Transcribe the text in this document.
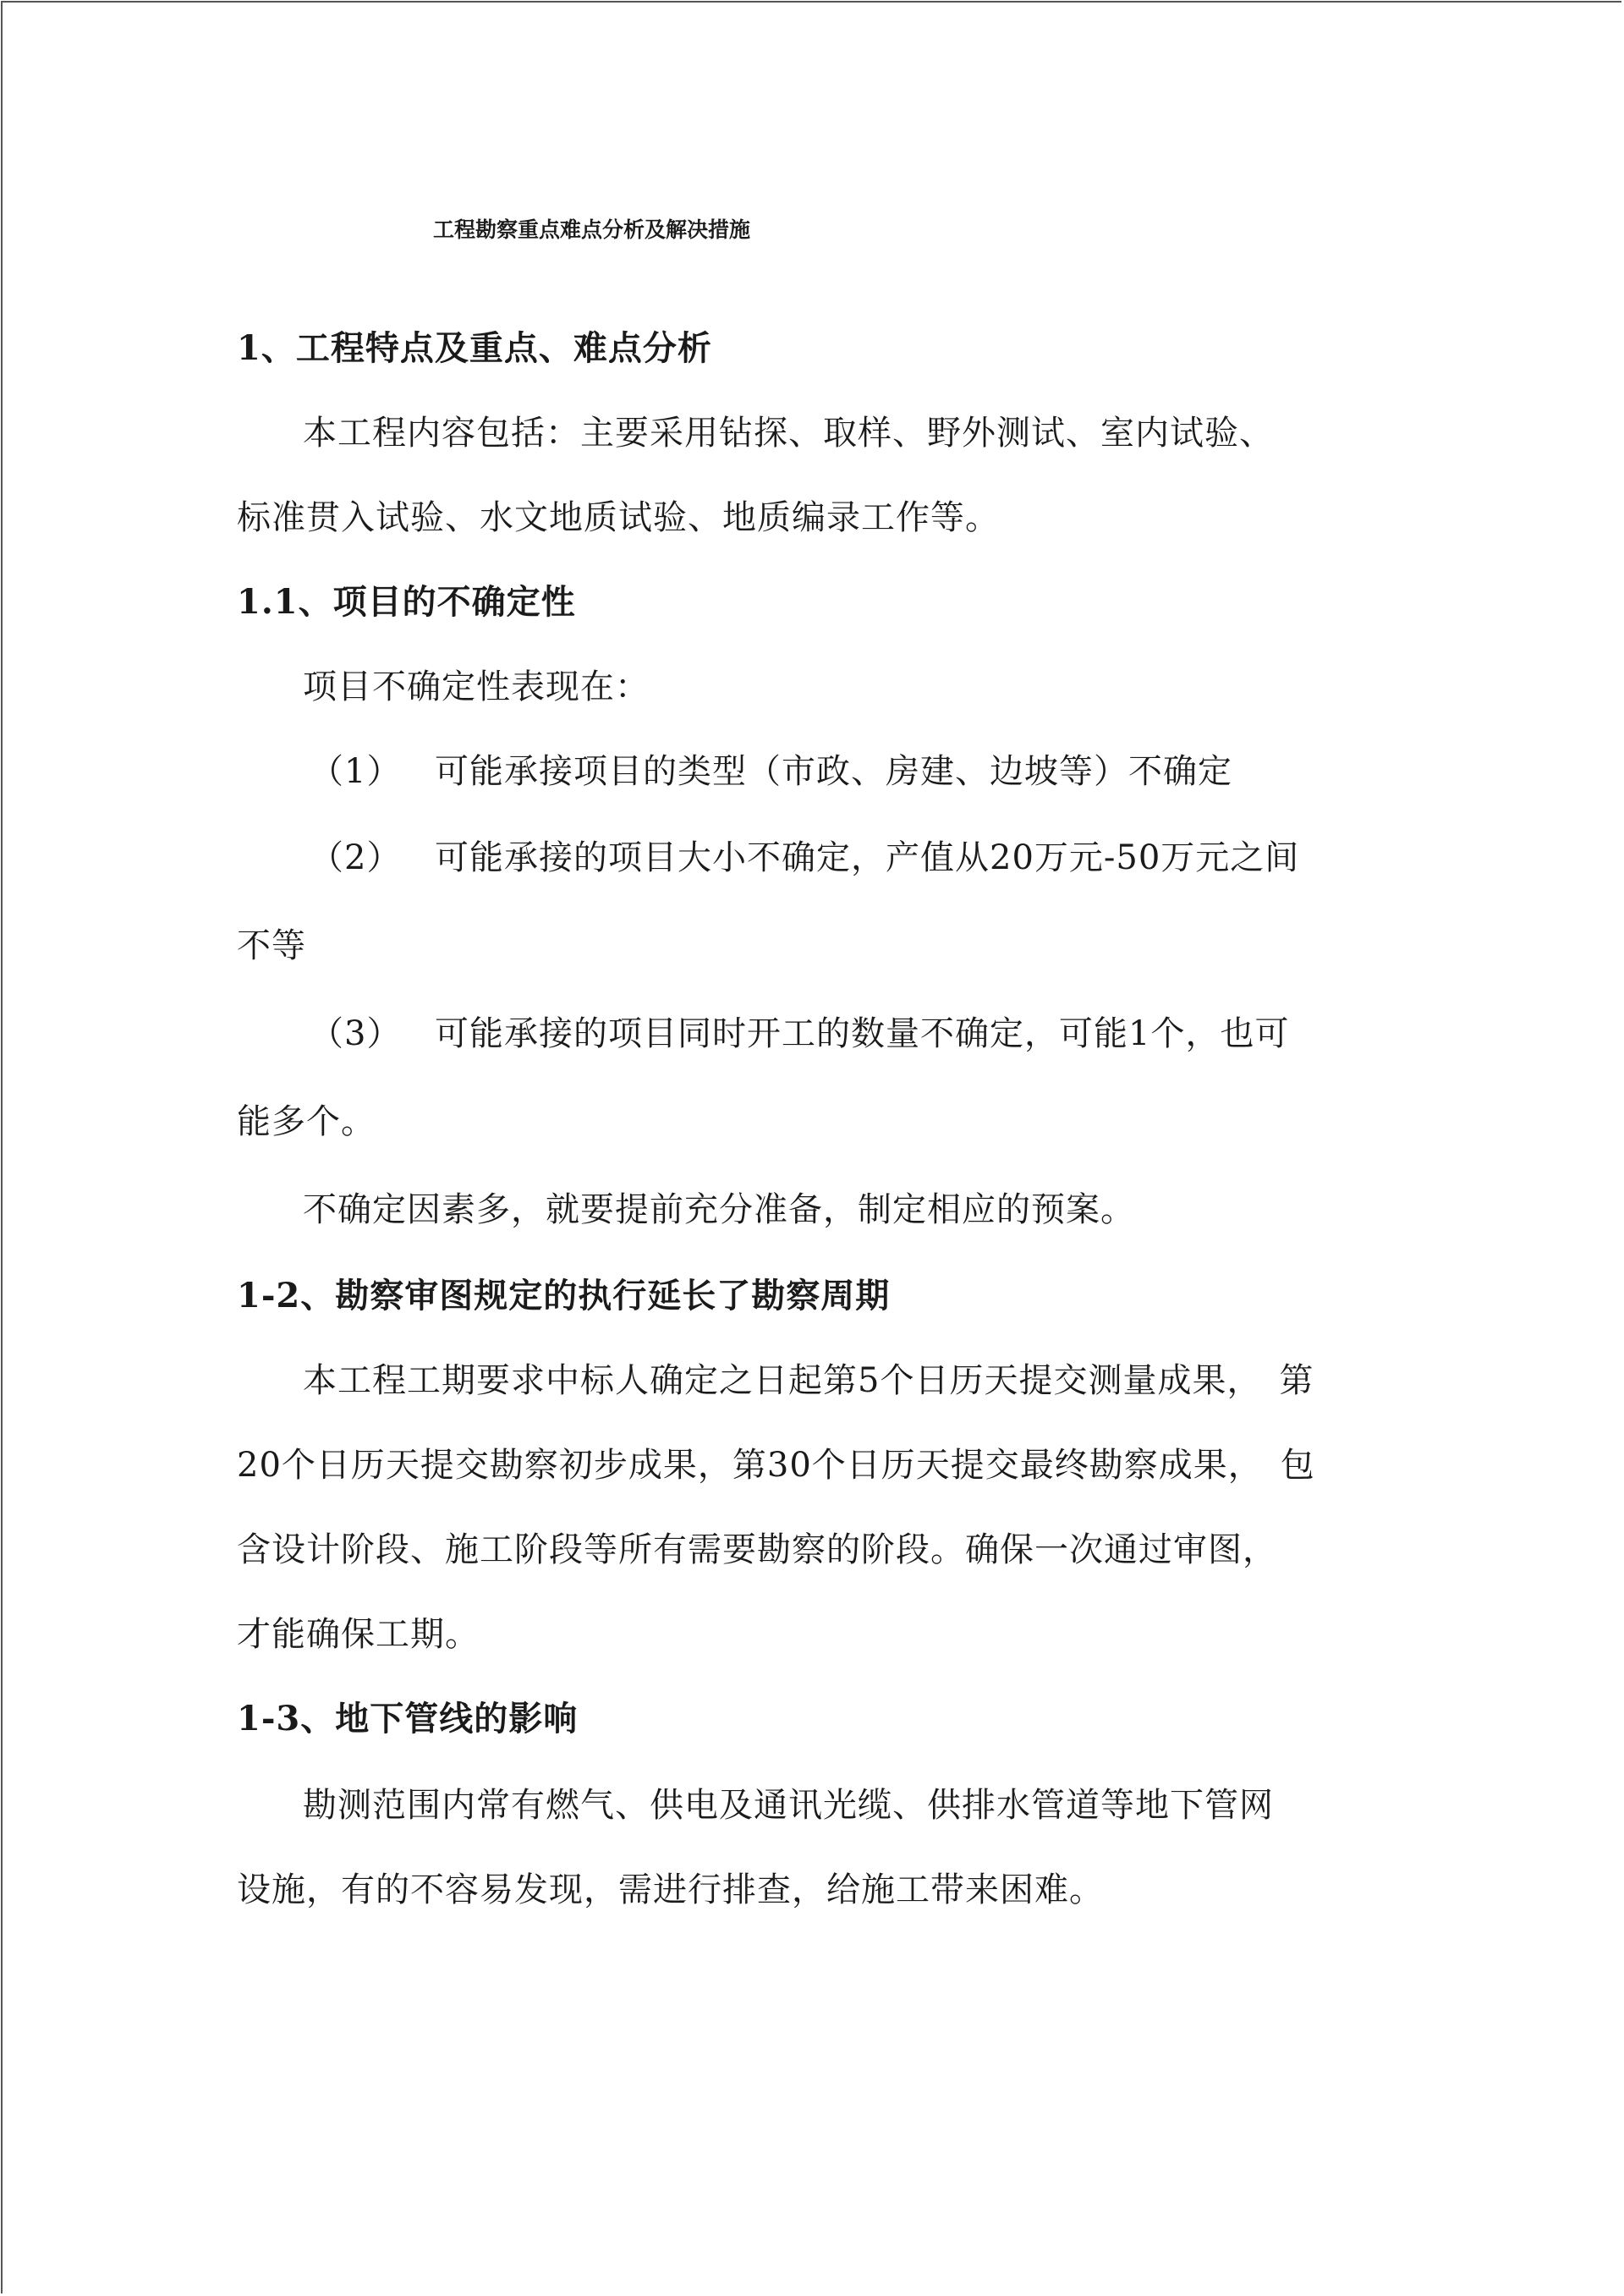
工程勘察重点难点分析及解决措施
1、工程特点及重点、难点分析
本工程内容包括：主要采用钻探、取样、野外测试、室内试验、
标准贯入试验、水文地质试验、地质编录工作等。
1.1、项目的不确定性
项目不确定性表现在：
（1） 可能承接项目的类型（市政、房建、边坡等）不确定
（2） 可能承接的项目大小不确定，产值从20万元-50万元之间
不等
（3） 可能承接的项目同时开工的数量不确定，可能1个，也可
能多个。
不确定因素多，就要提前充分准备，制定相应的预案。
1-2、勘察审图规定的执行延长了勘察周期
本工程工期要求中标人确定之日起第5个日历天提交测量成果，　第
20个日历天提交勘察初步成果，第30个日历天提交最终勘察成果，　包
含设计阶段、施工阶段等所有需要勘察的阶段。确保一次通过审图，
才能确保工期。
1-3、地下管线的影响
勘测范围内常有燃气、供电及通讯光缆、供排水管道等地下管网
设施，有的不容易发现，需进行排查，给施工带来困难。
